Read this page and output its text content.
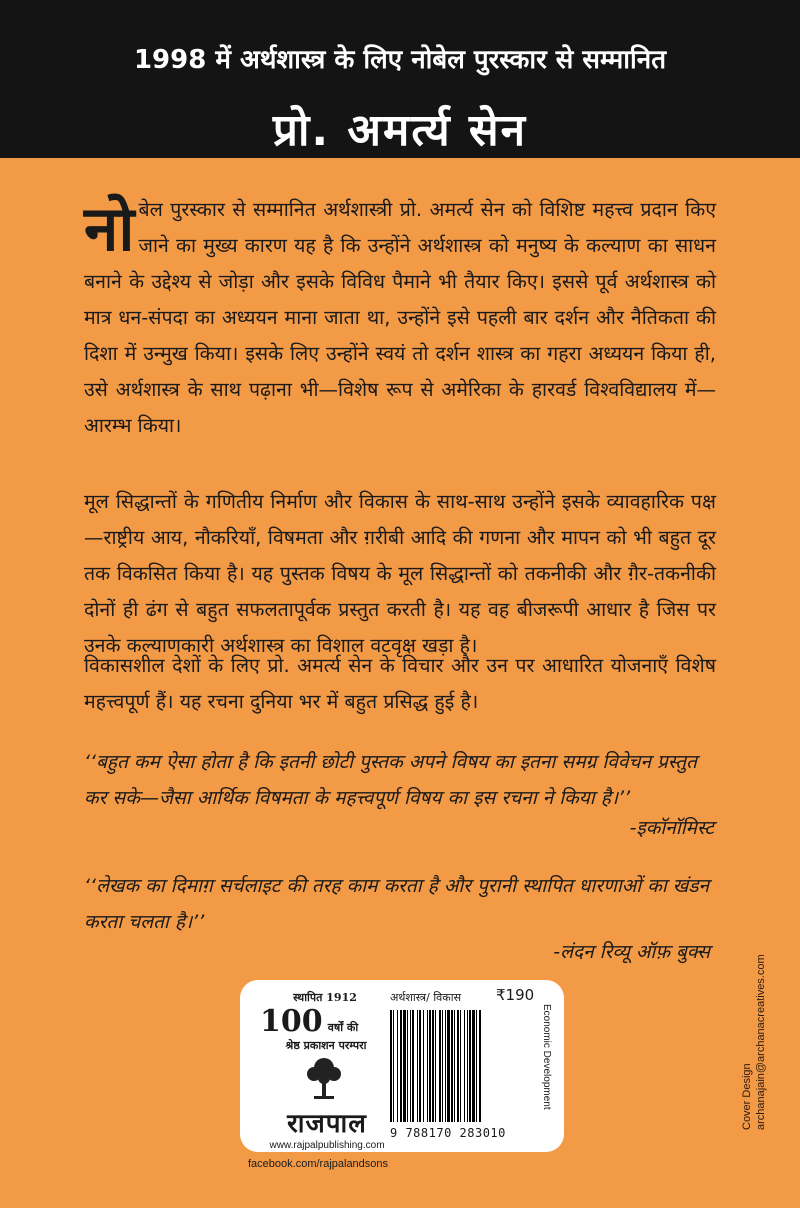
1998 में अर्थशास्त्र के लिए नोबेल पुरस्कार से सम्मानित
प्रो. अमर्त्य सेन
नो बेल पुरस्कार से सम्मानित अर्थशास्त्री प्रो. अमर्त्य सेन को विशिष्ट महत्त्व प्रदान किए जाने का मुख्य कारण यह है कि उन्होंने अर्थशास्त्र को मनुष्य के कल्याण का साधन बनाने के उद्देश्य से जोड़ा और इसके विविध पैमाने भी तैयार किए। इससे पूर्व अर्थशास्त्र को मात्र धन-संपदा का अध्ययन माना जाता था, उन्होंने इसे पहली बार दर्शन और नैतिकता की दिशा में उन्मुख किया। इसके लिए उन्होंने स्वयं तो दर्शन शास्त्र का गहरा अध्ययन किया ही, उसे अर्थशास्त्र के साथ पढ़ाना भी—विशेष रूप से अमेरिका के हारवर्ड विश्वविद्यालय में—आरम्भ किया।
मूल सिद्धान्तों के गणितीय निर्माण और विकास के साथ-साथ उन्होंने इसके व्यावहारिक पक्ष—राष्ट्रीय आय, नौकरियाँ, विषमता और ग़रीबी आदि की गणना और मापन को भी बहुत दूर तक विकसित किया है। यह पुस्तक विषय के मूल सिद्धान्तों को तकनीकी और ग़ैर-तकनीकी दोनों ही ढंग से बहुत सफलतापूर्वक प्रस्तुत करती है। यह वह बीजरूपी आधार है जिस पर उनके कल्याणकारी अर्थशास्त्र का विशाल वटवृक्ष खड़ा है।
विकासशील देशों के लिए प्रो. अमर्त्य सेन के विचार और उन पर आधारित योजनाएँ विशेष महत्त्वपूर्ण हैं। यह रचना दुनिया भर में बहुत प्रसिद्ध हुई है।
‘‘बहुत कम ऐसा होता है कि इतनी छोटी पुस्तक अपने विषय का इतना समग्र विवेचन प्रस्तुत कर सके—जैसा आर्थिक विषमता के महत्त्वपूर्ण विषय का इस रचना ने किया है।’’
-इकॉनॉमिस्ट
‘‘लेखक का दिमाग़ सर्चलाइट की तरह काम करता है और पुरानी स्थापित धारणाओं का खंडन करता चलता है।’’
-लंदन रिव्यू ऑफ़ बुक्स
Cover Design archanajain@archanacreatives.com
स्थापित 1912
100 वर्षों की
श्रेष्ठ प्रकाशन परम्परा
राजपाल
www.rajpalpublishing.com
अर्थशास्त्र/ विकास ₹190
9 788170 283010
Economic Development
facebook.com/rajpalandsons
